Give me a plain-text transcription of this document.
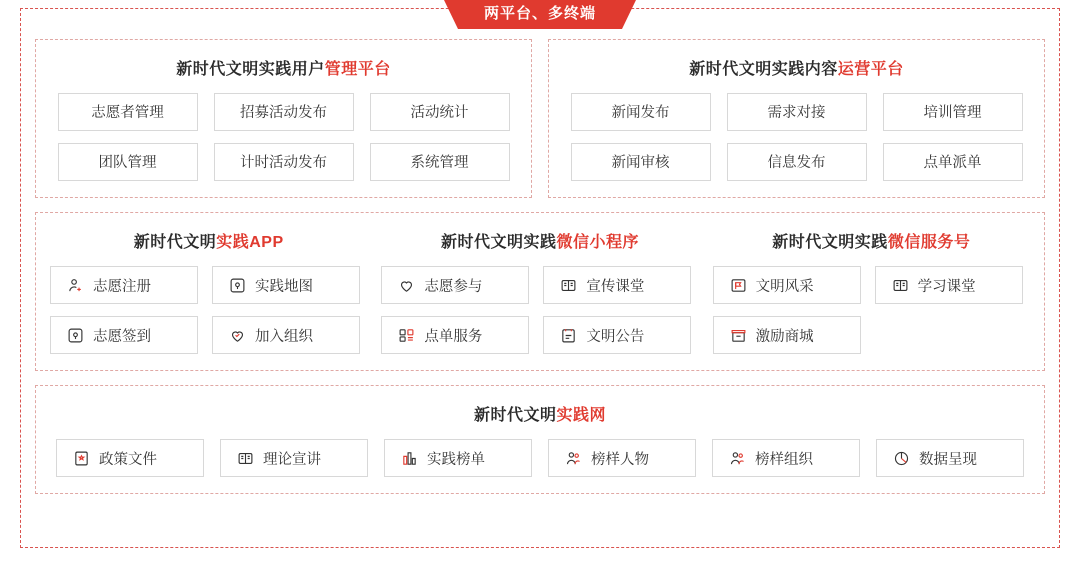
两平台、多终端
新时代文明实践用户管理平台
志愿者管理	招募活动发布	活动统计
团队管理	计时活动发布	系统管理
新时代文明实践内容运营平台
新闻发布	需求对接	培训管理
新闻审核	信息发布	点单派单
新时代文明实践APP
志愿注册	实践地图
志愿签到	加入组织
新时代文明实践微信小程序
志愿参与	宣传课堂
点单服务	文明公告
新时代文明实践微信服务号
文明风采	学习课堂
激励商城
新时代文明实践网
政策文件	理论宣讲	实践榜单	榜样人物	榜样组织	数据呈现
